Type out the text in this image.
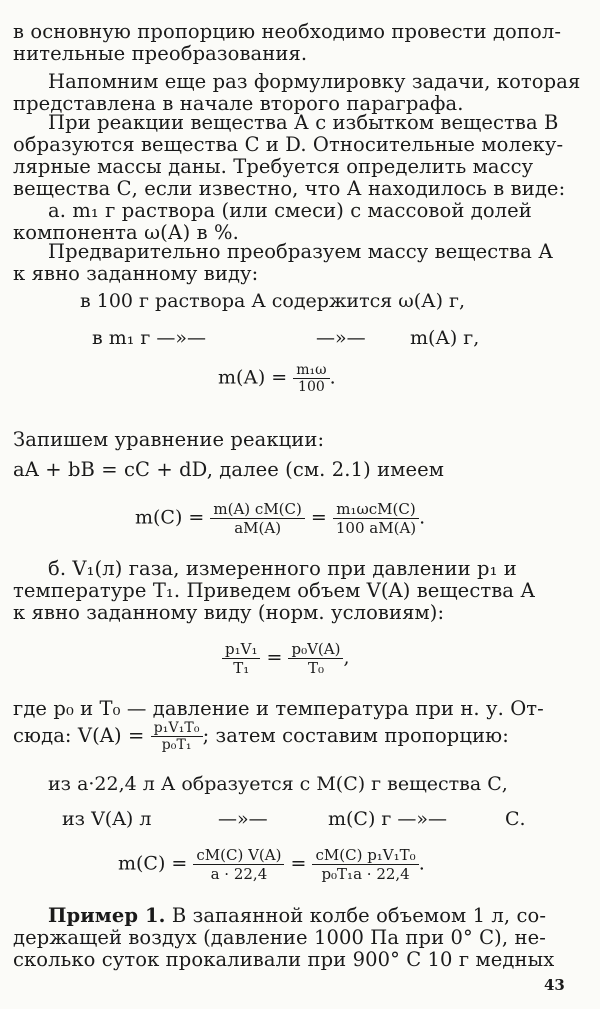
в основную пропорцию необходимо провести допол-
нительные преобразования.
Напомним еще раз формулировку задачи, которая
представлена в начале второго параграфа.
При реакции вещества А с избытком вещества В
образуются вещества С и D. Относительные молеку-
лярные массы даны. Требуется определить массу
вещества С, если известно, что А находилось в виде:
а. m₁ г раствора (или смеси) с массовой долей
компонента ω(А) в %.
Предварительно преобразуем массу вещества А
к явно заданному виду:
в 100 г раствора А содержится ω(А) г,
в m₁ г —»—	—»— m(А) г,
$m(А) = \frac{\text{m₁ω}}{100}$ .
Запишем уравнение реакции:
aA + bB = cC + dD, далее (см. 2.1) имеем
$m(C) = \frac{m(A) cM(C)}{aM(A)} = \frac{\text{m₁ωcM(C)}}{100 aM(A)}$ .
б. V₁(л) газа, измеренного при давлении p₁ и
температуре T₁. Приведем объем V(A) вещества А
к явно заданному виду (норм. условиям):
$\frac{\text{p₁V₁}}{\text{T₁}} = \frac{\text{p₀V(A)}}{\text{T₀}}$ ,
где p₀ и T₀ — давление и температура при н. у. От-
сюда: $V(A) = \frac{\text{p₁V₁T₀}}{\text{p₀T₁}}$ ; затем составим пропорцию:
из a·22,4 л А образуется c M(C) г вещества С,
из V(A) л	—»—	m(C) г —»—	С.
$m(C) = \frac{cM(C) V(A)}{a \cdot 22,4} = \frac{\text{cM(C) p₁V₁T₀}}{\text{p₀T₁a · 22,4}}$ .
Пример 1. В запаянной колбе объемом 1 л, со-
держащей воздух (давление 1000 Па при 0° С), не-
сколько суток прокаливали при 900° С 10 г медных
43
